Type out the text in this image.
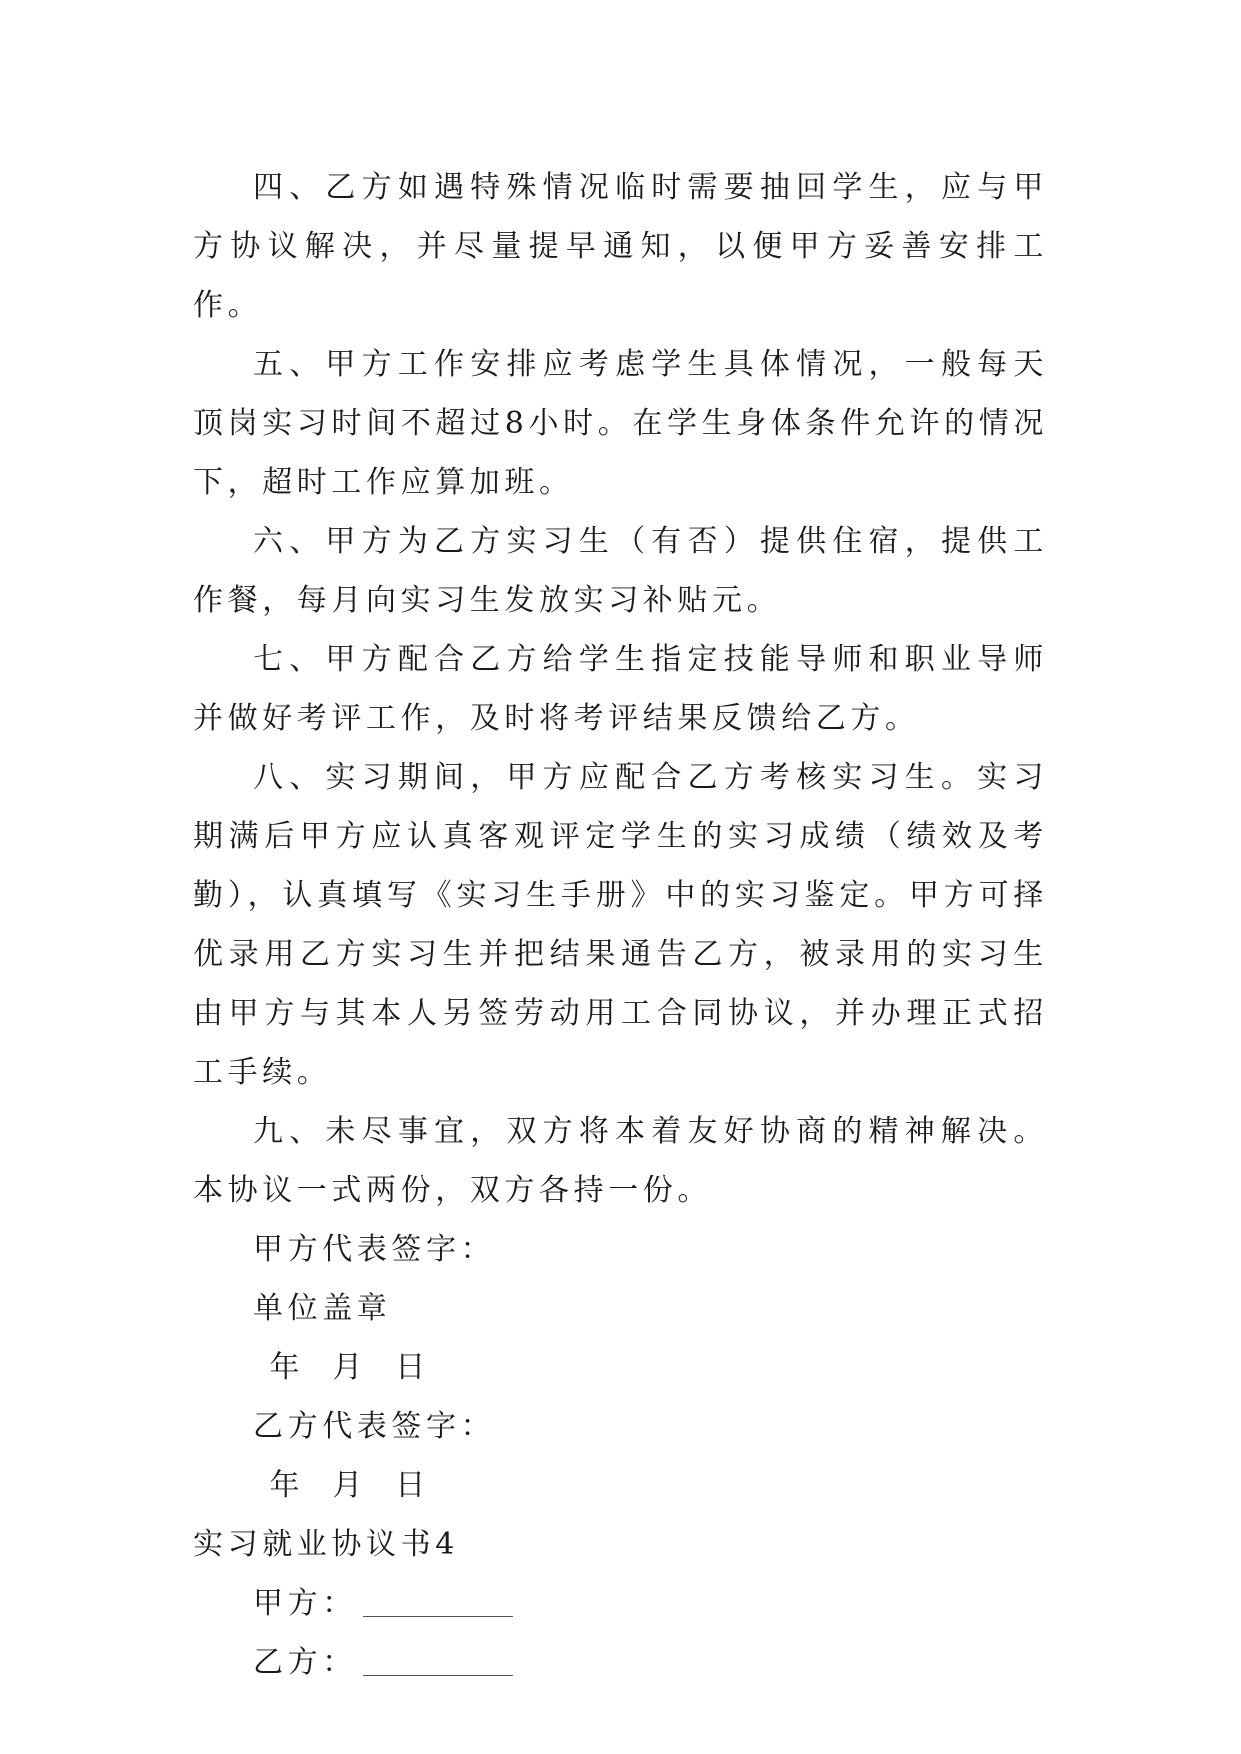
四、乙方如遇特殊情况临时需要抽回学生，应与甲方协议解决，并尽量提早通知，以便甲方妥善安排工作。

五、甲方工作安排应考虑学生具体情况，一般每天顶岗实习时间不超过8小时。在学生身体条件允许的情况下，超时工作应算加班。

六、甲方为乙方实习生（有否）提供住宿，提供工作餐，每月向实习生发放实习补贴元。

七、甲方配合乙方给学生指定技能导师和职业导师并做好考评工作，及时将考评结果反馈给乙方。

八、实习期间，甲方应配合乙方考核实习生。实习期满后甲方应认真客观评定学生的实习成绩（绩效及考勤），认真填写《实习生手册》中的实习鉴定。甲方可择优录用乙方实习生并把结果通告乙方，被录用的实习生由甲方与其本人另签劳动用工合同协议，并办理正式招工手续。

九、未尽事宜，双方将本着友好协商的精神解决。本协议一式两份，双方各持一份。

甲方代表签字：

单位盖章

年  月  日

乙方代表签字：

年  月  日

实习就业协议书4

甲方：

乙方：
